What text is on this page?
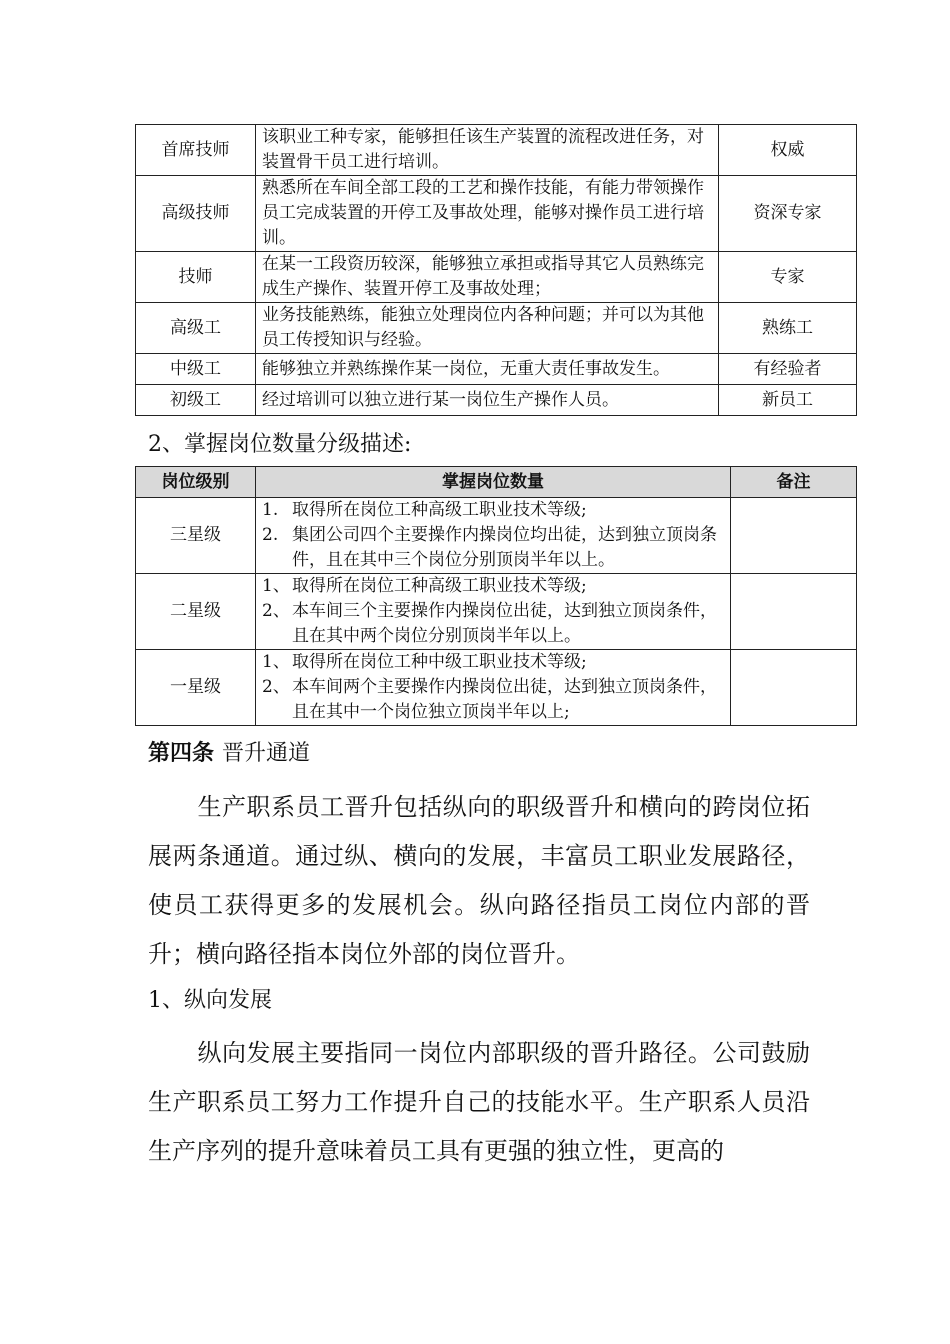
首席技师	该职业工种专家，能够担任该生产装置的流程改进任务，对装置骨干员工进行培训。	权威
高级技师	熟悉所在车间全部工段的工艺和操作技能，有能力带领操作员工完成装置的开停工及事故处理，能够对操作员工进行培训。	资深专家
技师	在某一工段资历较深，能够独立承担或指导其它人员熟练完成生产操作、装置开停工及事故处理；	专家
高级工	业务技能熟练，能独立处理岗位内各种问题；并可以为其他员工传授知识与经验。	熟练工
中级工	能够独立并熟练操作某一岗位，无重大责任事故发生。	有经验者
初级工	经过培训可以独立进行某一岗位生产操作人员。	新员工
2、掌握岗位数量分级描述:
岗位级别	掌握岗位数量	备注
三星级	1. 取得所在岗位工种高级工职业技术等级;
2. 集团公司四个主要操作内操岗位均出徒，达到独立顶岗条件，且在其中三个岗位分别顶岗半年以上。	

二星级	1、 取得所在岗位工种高级工职业技术等级;
2、 本车间三个主要操作内操岗位出徒，达到独立顶岗条件，且在其中两个岗位分别顶岗半年以上。	

一星级	1、 取得所在岗位工种中级工职业技术等级;
2、 本车间两个主要操作内操岗位出徒，达到独立顶岗条件，且在其中一个岗位独立顶岗半年以上;	

第四条 晋升通道
生产职系员工晋升包括纵向的职级晋升和横向的跨岗位拓展两条通道。通过纵、横向的发展，丰富员工职业发展路径，使员工获得更多的发展机会。纵向路径指员工岗位内部的晋升；横向路径指本岗位外部的岗位晋升。
1、纵向发展
纵向发展主要指同一岗位内部职级的晋升路径。公司鼓励生产职系员工努力工作提升自己的技能水平。生产职系人员沿生产序列的提升意味着员工具有更强的独立性，更高的
